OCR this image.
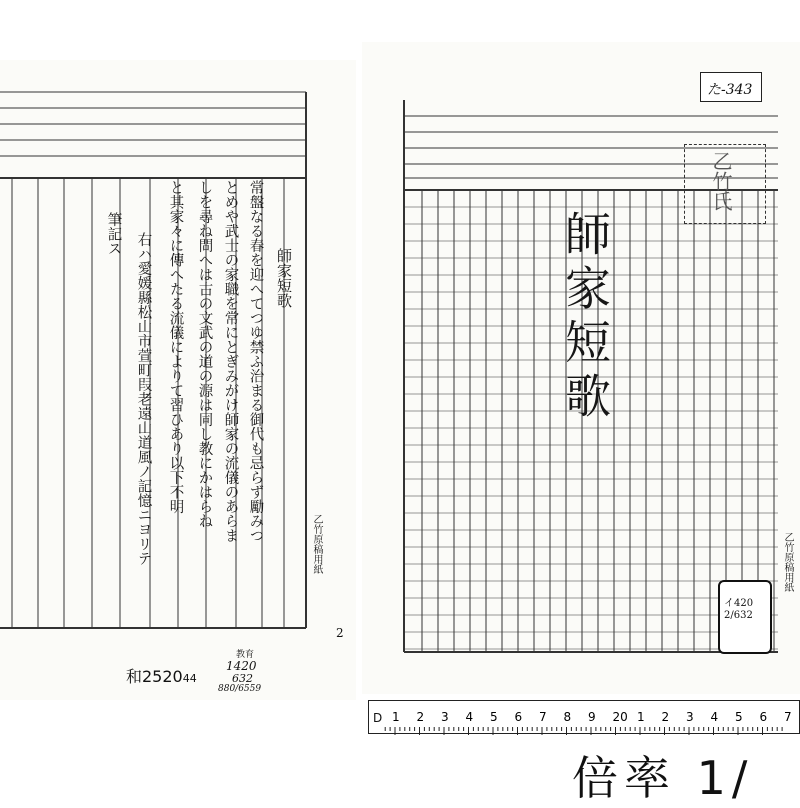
師家短歌
常盤なる春を迎へてつゆ禁ふ治まる御代も忌らず勵みつ
とめや武士の家職を常にとぎみがけ師家の流儀のあらま
しを尋ね問へは古の文武の道の源は同し教にかはらね
と其家々に傳へたる流儀によりて習ひあり以下不明
右ハ愛媛縣松山市萱町叚老遠山道風ノ記憶ニヨリテ
筆記ス
乙竹原稿用紙
2
和252044
教育
1420
632
880/6559
た-343
乙竹氏
師家短歌
乙竹原稿用紙
イ420
2/632
1 2 3 4 5 6 7 8 9 20 1 2 3 4 5 6 7
D
倍率 1/
